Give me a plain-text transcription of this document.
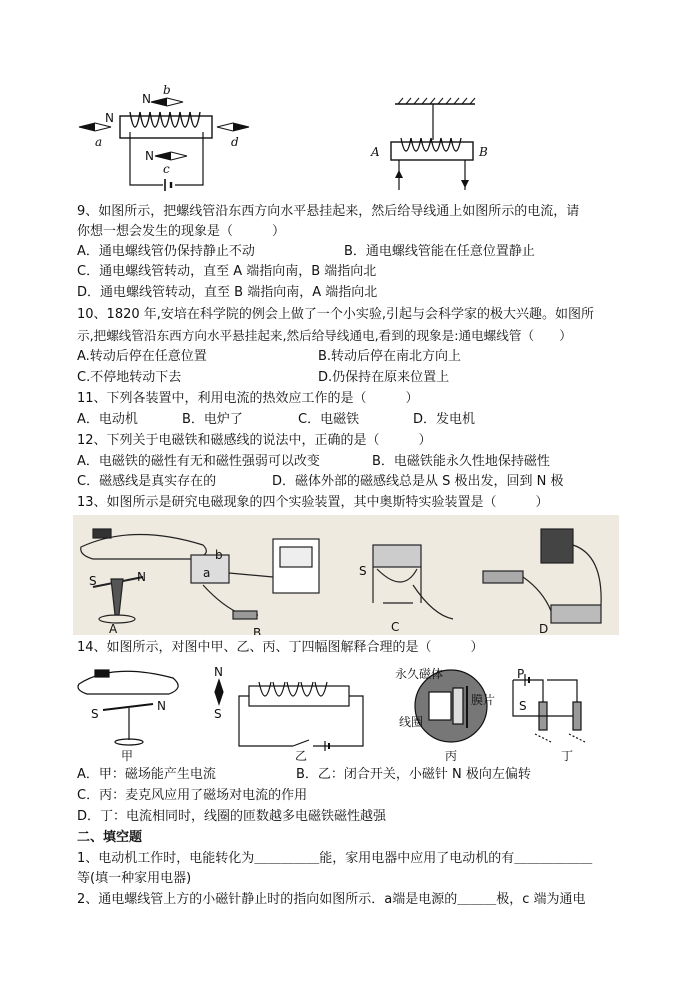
a
N
b
N
c
N
d
A	B
9、如图所示，把螺线管沿东西方向水平悬挂起来，然后给导线通上如图所示的电流，请
你想一想会发生的现象是（　　　）
A．通电螺线管仍保持静止不动	B．通电螺线管能在任意位置静止
C．通电螺线管转动，直至 A 端指向南，B 端指向北
D．通电螺线管转动，直至 B 端指向南，A 端指向北
10、1820 年,安培在科学院的例会上做了一个小实验,引起与会科学家的极大兴趣。如图所
示,把螺线管沿东西方向水平悬挂起来,然后给导线通电,看到的现象是:通电螺线管（　　）
A.转动后停在任意位置	B.转动后停在南北方向上
C.不停地转动下去	D.仍保持在原来位置上
11、下列各装置中，利用电流的热效应工作的是（　　　）
A．电动机	B．电炉了	C．电磁铁	D．发电机
12、下列关于电磁铁和磁感线的说法中，正确的是（　　　）
A．电磁铁的磁性有无和磁性强弱可以改变	B．电磁铁能永久性地保持磁性
C．磁感线是真实存在的	D．磁体外部的磁感线总是从 S 极出发，回到 N 极
13、如图所示是研究电磁现象的四个实验装置，其中奥斯特实验装置是（　　　）
S	N
A
a
b
B
S
C	D
14、如图所示，对图中甲、乙、丙、丁四幅图解释合理的是（　　　）
S
N
甲
N
S
乙
永久磁体
线圈
膜片
丙
P
S
丁
A．甲：磁场能产生电流	B．乙：闭合开关，小磁针 N 极向左偏转
C．丙：麦克风应用了磁场对电流的作用
D．丁：电流相同时，线圈的匝数越多电磁铁磁性越强
二、填空题
1、电动机工作时，电能转化为＿＿＿＿＿能，家用电器中应用了电动机的有＿＿＿＿＿＿
等(填一种家用电器)
2、通电螺线管上方的小磁针静止时的指向如图所示．a端是电源的＿＿＿极，c 端为通电
